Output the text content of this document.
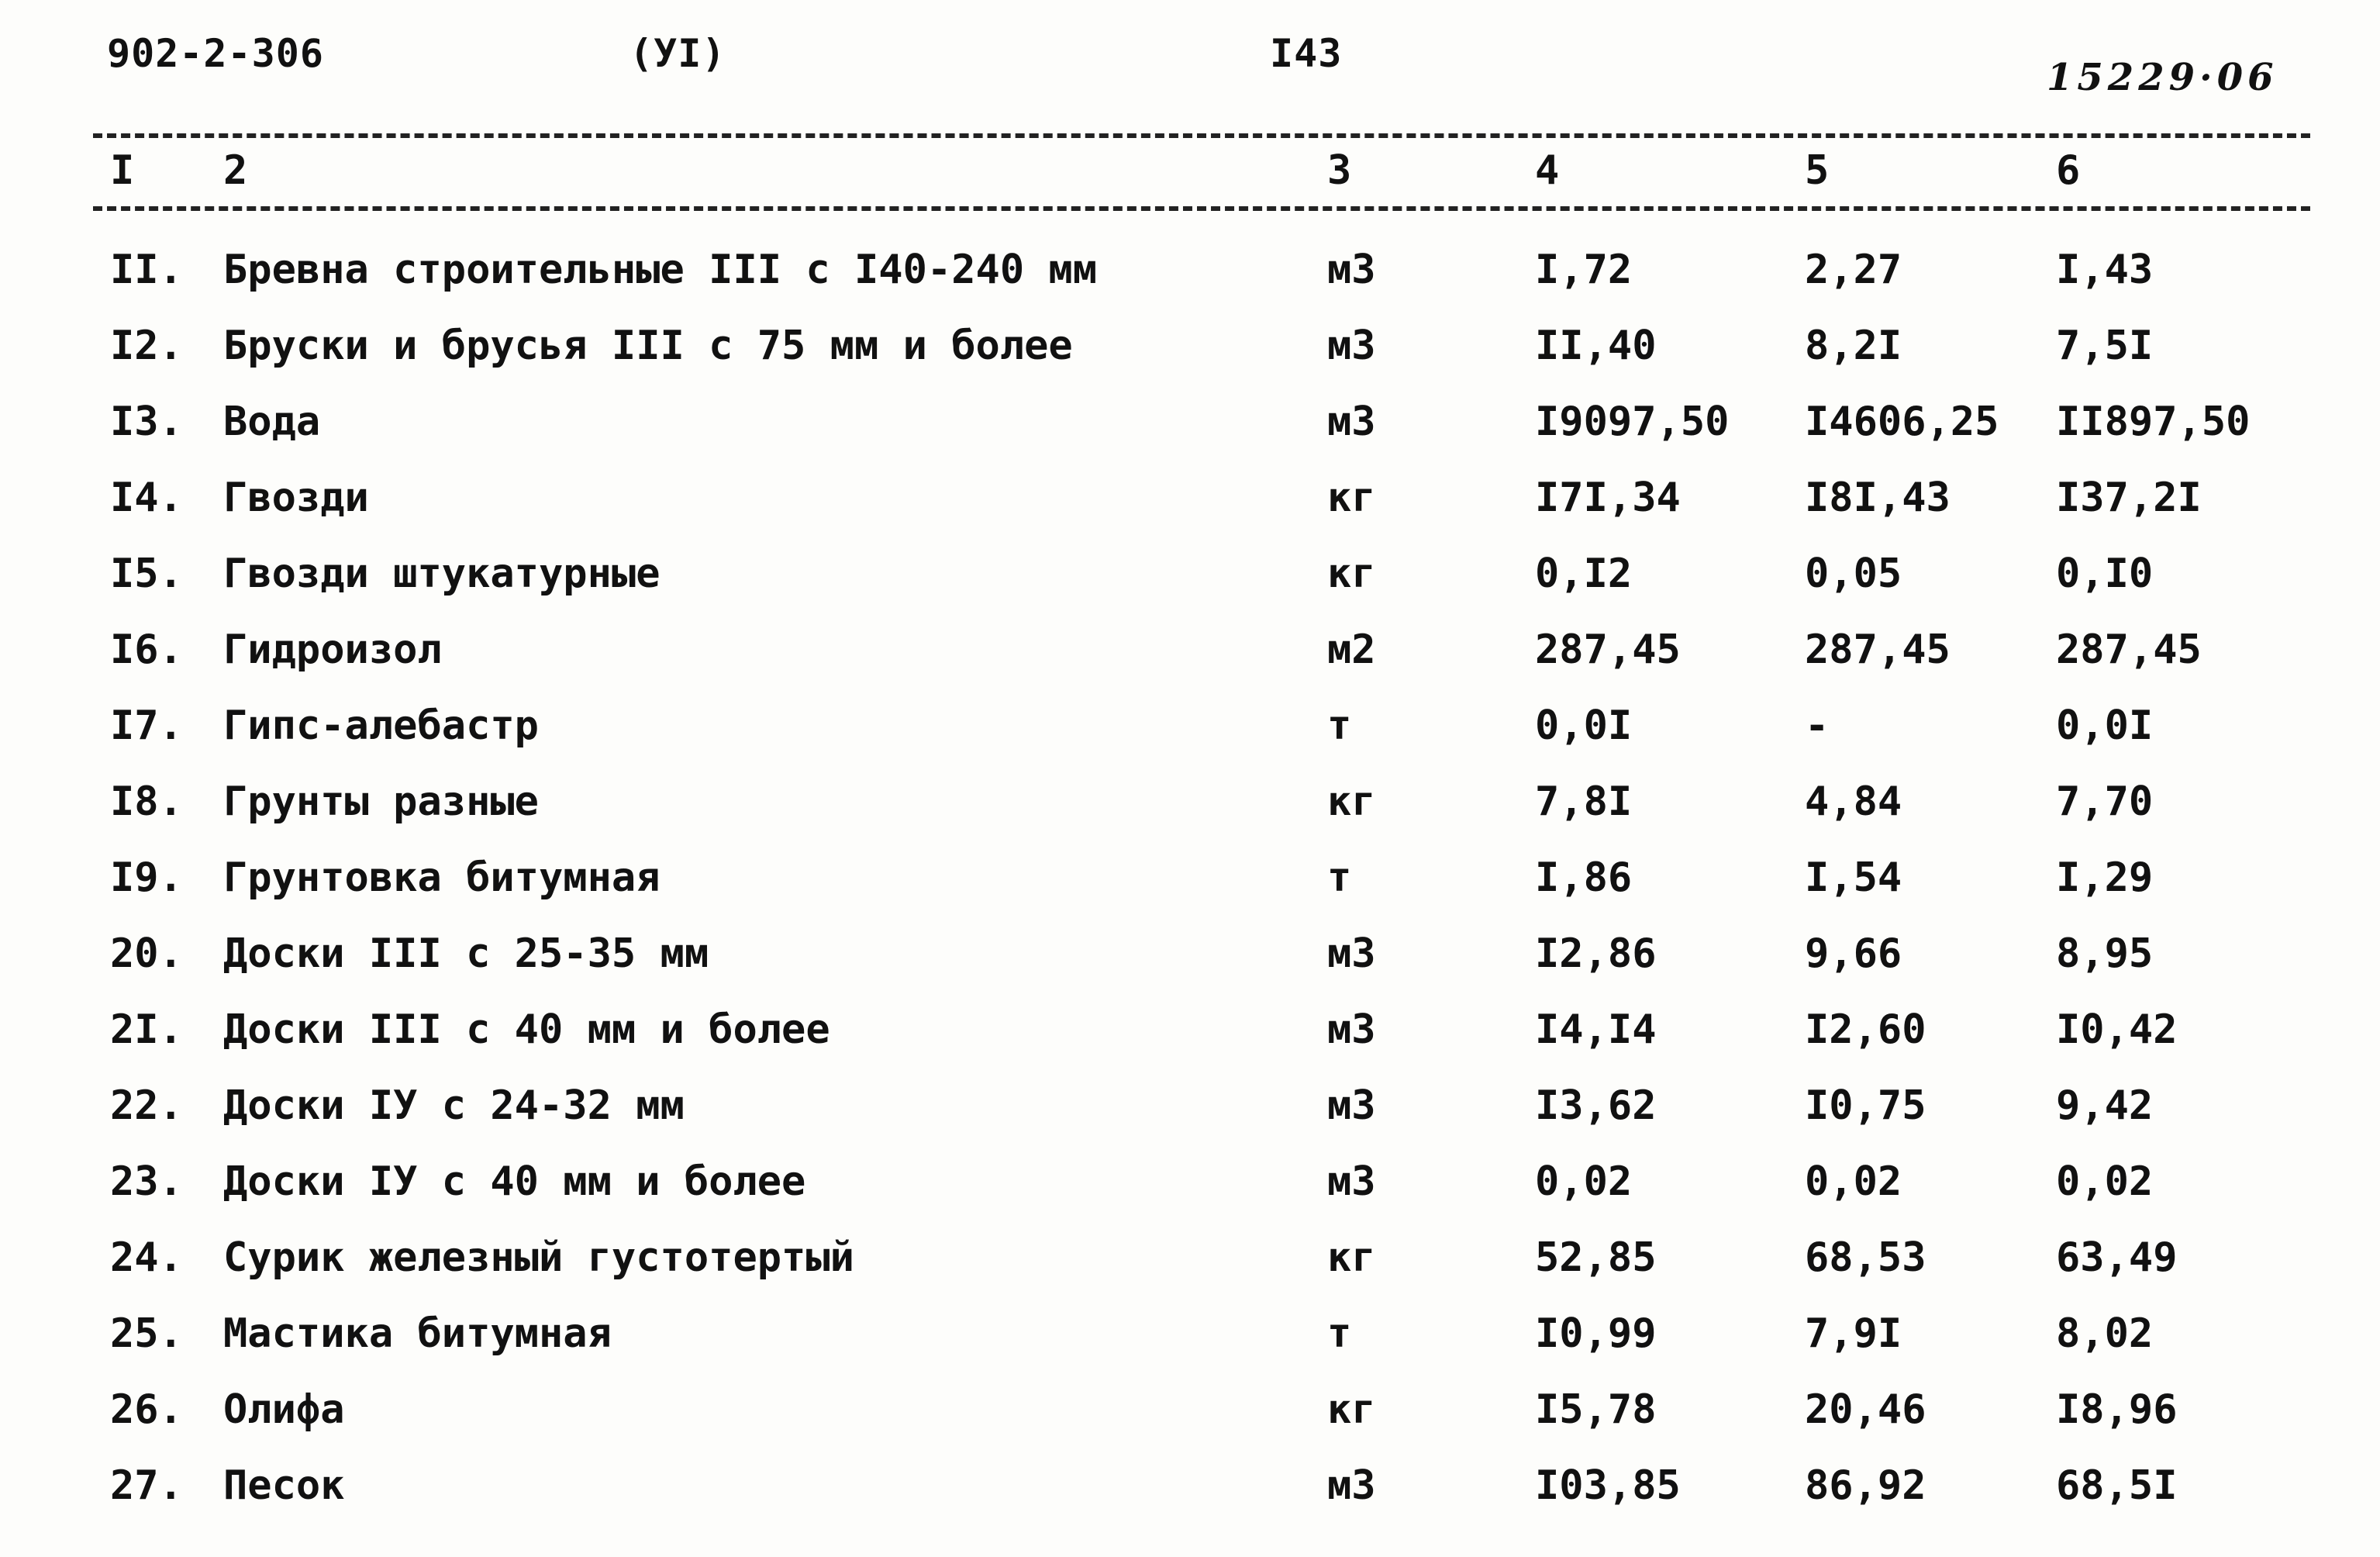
902-2-306	(УI)	I43
15229·06
I 2	3	4	5	6
II. Бревна строительные III с I40-240 мм	м3	I,72	2,27	I,43
I2. Бруски и брусья III с 75 мм и более	м3	II,40	8,2I	7,5I
I3. Вода	м3	I9097,50 I4606,25 II897,50
I4. Гвозди	кг	I7I,34	I8I,43	I37,2I
I5. Гвозди штукатурные	кг	0,I2	0,05	0,I0
I6. Гидроизол	м2	287,45	287,45	287,45
I7. Гипс-алебастр	т	0,0I	-	0,0I
I8. Грунты разные	кг	7,8I	4,84	7,70
I9. Грунтовка битумная	т	I,86	I,54	I,29
20. Доски III с 25-35 мм	м3	I2,86	9,66	8,95
2I. Доски III с 40 мм и более	м3	I4,I4	I2,60	I0,42
22. Доски IУ с 24-32 мм	м3	I3,62	I0,75	9,42
23. Доски IУ с 40 мм и более	м3	0,02	0,02	0,02
24. Сурик железный густотертый	кг	52,85	68,53	63,49
25. Мастика битумная	т	I0,99	7,9I	8,02
26. Олифа	кг	I5,78	20,46	I8,96
27. Песок	м3	I03,85	86,92	68,5I
